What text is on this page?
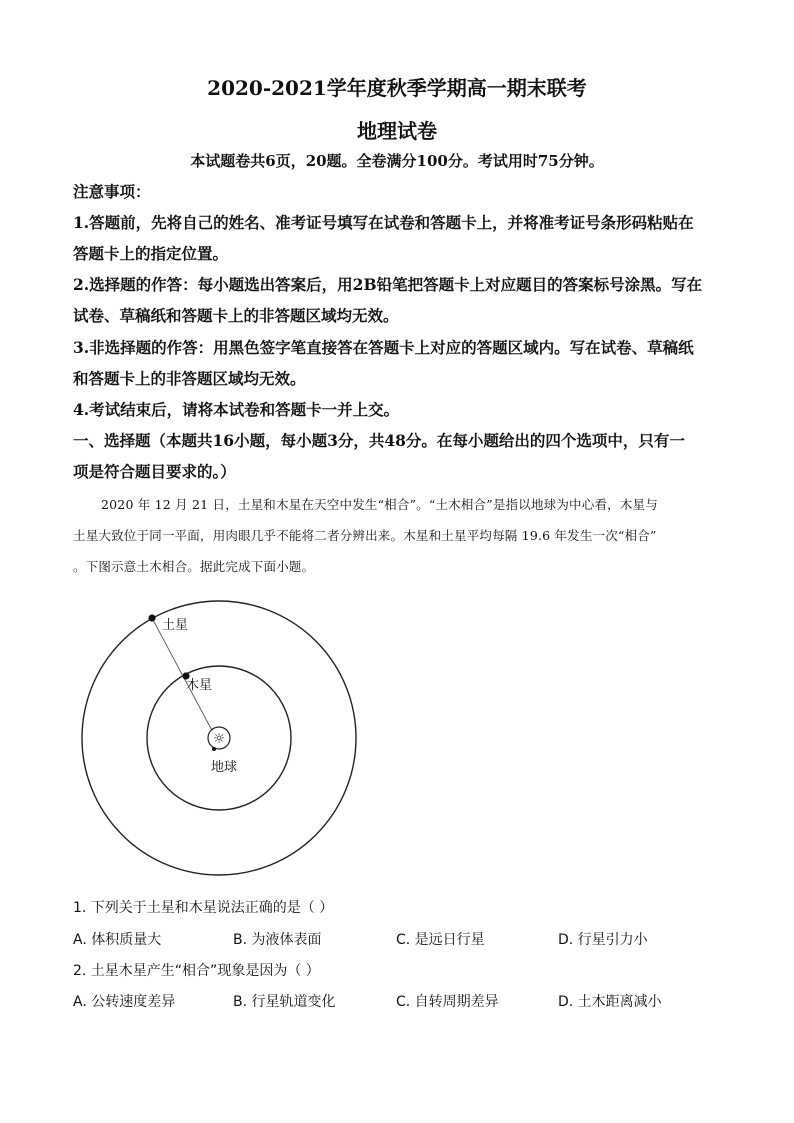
2020-2021学年度秋季学期高一期末联考
地理试卷
本试题卷共6页，20题。全卷满分100分。考试用时75分钟。
注意事项：
1.答题前，先将自己的姓名、准考证号填写在试卷和答题卡上，并将准考证号条形码粘贴在
答题卡上的指定位置。
2.选择题的作答：每小题选出答案后，用2B铅笔把答题卡上对应题目的答案标号涂黑。写在
试卷、草稿纸和答题卡上的非答题区域均无效。
3.非选择题的作答：用黑色签字笔直接答在答题卡上对应的答题区域内。写在试卷、草稿纸
和答题卡上的非答题区域均无效。
4.考试结束后，请将本试卷和答题卡一并上交。
一、选择题（本题共16小题，每小题3分，共48分。在每小题给出的四个选项中，只有一
项是符合题目要求的。）
2020 年 12 月 21 日，土星和木星在天空中发生“相合”。“土木相合”是指以地球为中心看，木星与
土星大致位于同一平面，用肉眼几乎不能将二者分辨出来。木星和土星平均每隔 19.6 年发生一次“相合”
。下图示意土木相合。据此完成下面小题。
☼
土星
木星
地球
1. 下列关于土星和木星说法正确的是（ ）
A. 体积质量大	B. 为液体表面	C. 是远日行星	D. 行星引力小
2. 土星木星产生“相合”现象是因为（ ）
A. 公转速度差异	B. 行星轨道变化	C. 自转周期差异	D. 土木距离减小
